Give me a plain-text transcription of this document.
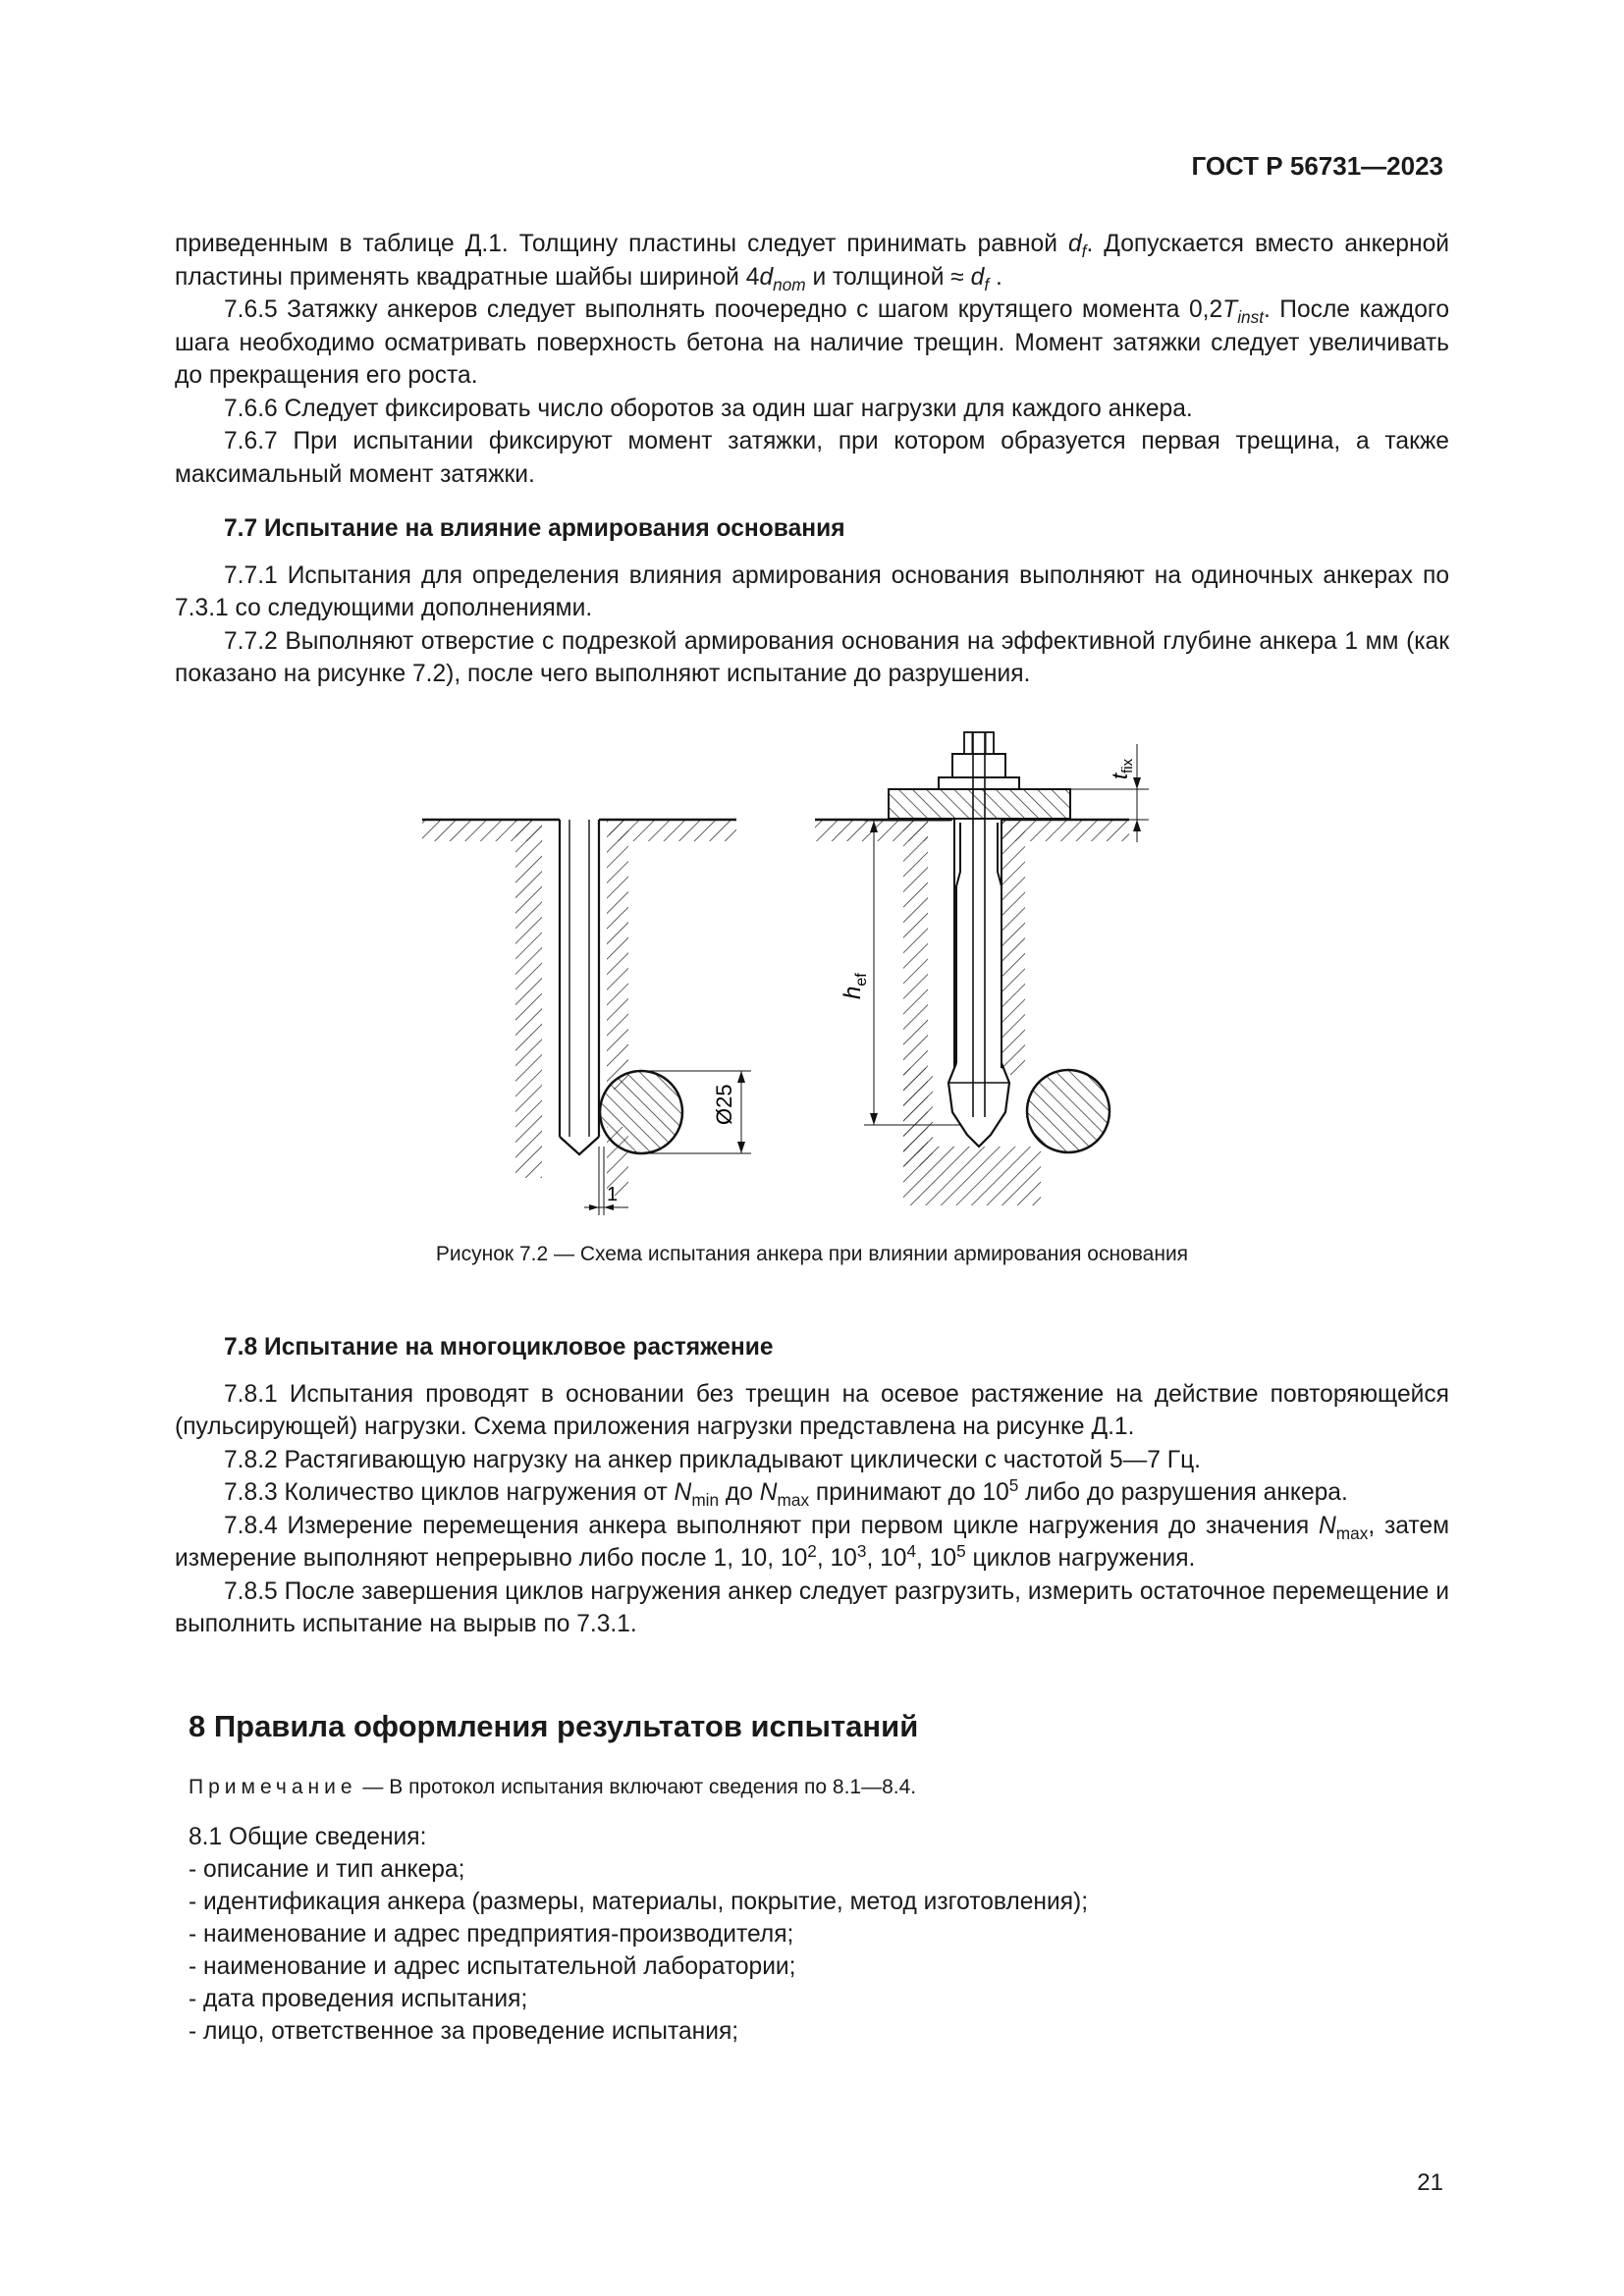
ГОСТ Р 56731—2023

приведенным в таблице Д.1. Толщину пластины следует принимать равной $d_f$. Допускается вместо анкерной пластины применять квадратные шайбы шириной $4d_{nom}$ и толщиной ≈ $d_f$ .

7.6.5 Затяжку анкеров следует выполнять поочередно с шагом крутящего момента $0,2T_{inst}$. После каждого шага необходимо осматривать поверхность бетона на наличие трещин. Момент затяжки следует увеличивать до прекращения его роста.

7.6.6 Следует фиксировать число оборотов за один шаг нагрузки для каждого анкера.

7.6.7 При испытании фиксируют момент затяжки, при котором образуется первая трещина, а также максимальный момент затяжки.

7.7 Испытание на влияние армирования основания

7.7.1 Испытания для определения влияния армирования основания выполняют на одиночных анкерах по 7.3.1 со следующими дополнениями.

7.7.2 Выполняют отверстие с подрезкой армирования основания на эффективной глубине анкера 1 мм (как показано на рисунке 7.2), после чего выполняют испытание до разрушения.

Ø25
1
$h_{ef}$
$t_{fix}$
Рисунок 7.2 — Схема испытания анкера при влиянии армирования основания

7.8 Испытание на многоцикловое растяжение

7.8.1 Испытания проводят в основании без трещин на осевое растяжение на действие повторяющейся (пульсирующей) нагрузки. Схема приложения нагрузки представлена на рисунке Д.1.

7.8.2 Растягивающую нагрузку на анкер прикладывают циклически с частотой 5—7 Гц.

7.8.3 Количество циклов нагружения от $N_{min}$ до $N_{max}$ принимают до $10^5$ либо до разрушения анкера.

7.8.4 Измерение перемещения анкера выполняют при первом цикле нагружения до значения $N_{max}$, затем измерение выполняют непрерывно либо после 1, 10, $10^2$, $10^3$, $10^4$, $10^5$ циклов нагружения.

7.8.5 После завершения циклов нагружения анкер следует разгрузить, измерить остаточное перемещение и выполнить испытание на вырыв по 7.3.1.

8 Правила оформления результатов испытаний

Примечание — В протокол испытания включают сведения по 8.1—8.4.

8.1 Общие сведения:

- описание и тип анкера;

- идентификация анкера (размеры, материалы, покрытие, метод изготовления);

- наименование и адрес предприятия-производителя;

- наименование и адрес испытательной лаборатории;

- дата проведения испытания;

- лицо, ответственное за проведение испытания;

21
